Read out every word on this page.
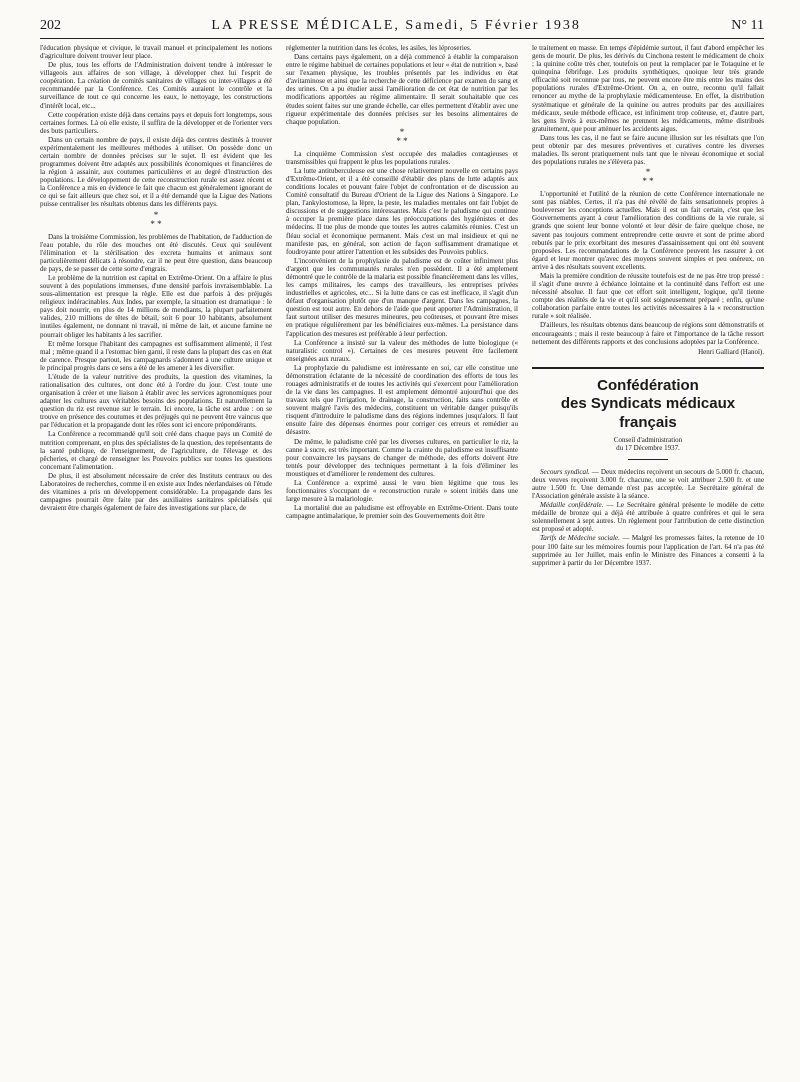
202	LA PRESSE MÉDICALE, Samedi, 5 Février 1938	N° 11

l'éducation physique et civique, le travail manuel et principalement les notions d'agriculture doivent trouver leur place.

De plus, tous les efforts de l'Administration doivent tendre à intéresser le villageois aux affaires de son village, à développer chez lui l'esprit de coopération. La création de comités sanitaires de villages ou inter-villages a été recommandée par la Conférence. Ces Comités auraient le contrôle et la surveillance de tout ce qui concerne les eaux, le nettoyage, les constructions d'intérêt local, etc...

Cette coopération existe déjà dans certains pays et depuis fort longtemps, sous certaines formes. Là où elle existe, il suffira de la développer et de l'orienter vers des buts particuliers.

Dans un certain nombre de pays, il existe déjà des centres destinés à trouver expérimentalement les meilleures méthodes à utiliser. On possède donc un certain nombre de données précises sur le sujet. Il est évident que les programmes doivent être adaptés aux possibilités économiques et financières de la région à assainir, aux coutumes particulières et au degré d'instruction des populations. Le développement de cette reconstruction rurale est assez récent et la Conférence a mis en évidence le fait que chacun est généralement ignorant de ce qui se fait ailleurs que chez soi, et il a été demandé que la Ligue des Nations puisse centraliser les résultats obtenus dans les différents pays.

*
* *

Dans la troisième Commission, les problèmes de l'habitation, de l'adduction de l'eau potable, du rôle des mouches ont été discutés. Ceux qui soulèvent l'élimination et la stérilisation des excreta humains et animaux sont particulièrement délicats à résoudre, car il ne peut être question, dans beaucoup de pays, de se passer de cette sorte d'engrais.

Le problème de la nutrition est capital en Extrême-Orient. On a affaire le plus souvent à des populations immenses, d'une densité parfois invraisemblable. La sous-alimentation est presque la règle. Elle est due parfois à des préjugés religieux indéracinables. Aux Indes, par exemple, la situation est dramatique : le pays doit nourrir, en plus de 14 millions de mendiants, la plupart parfaitement valides, 210 millions de têtes de bétail, soit 6 pour 10 habitants, absolument inutiles également, ne donnant ni travail, ni même de lait, et aucune famine ne pourrait obliger les habitants à les sacrifier.

Et même lorsque l'habitant des campagnes est suffisamment alimenté, il l'est mal ; même quand il a l'estomac bien garni, il reste dans la plupart des cas en état de carence. Presque partout, les campagnards s'adonnent à une culture unique et le principal progrès dans ce sens a été de les amener à les diversifier.

L'étude de la valeur nutritive des produits, la question des vitamines, la rationalisation des cultures, ont donc été à l'ordre du jour. C'est toute une organisation à créer et une liaison à établir avec les services agronomiques pour adapter les cultures aux véritables besoins des populations. Et naturellement la question du riz est revenue sur le terrain. Ici encore, la tâche est ardue : on se trouve en présence des coutumes et des préjugés qui ne peuvent être vaincus que par l'éducation et la propagande dont les rôles sont ici encore prépondérants.

La Conférence a recommandé qu'il soit créé dans chaque pays un Comité de nutrition comprenant, en plus des spécialistes de la question, des représentants de la santé publique, de l'enseignement, de l'agriculture, de l'élevage et des pêcheries, et chargé de renseigner les Pouvoirs publics sur toutes les questions concernant l'alimentation.

De plus, il est absolument nécessaire de créer des Instituts centraux ou des Laboratoires de recherches, comme il en existe aux Indes néerlandaises où l'étude des vitamines a pris un développement considérable. La propagande dans les campagnes pourrait être faite par des auxiliaires sanitaires spécialisés qui devraient être chargés également de faire des investigations sur place, de

réglementer la nutrition dans les écoles, les asiles, les léproseries.

Dans certains pays également, on a déjà commencé à établir la comparaison entre le régime habituel de certaines populations et leur « état de nutrition », basé sur l'examen physique, les troubles présentés par les individus en état d'avitaminose et ainsi que la recherche de cette déficience par examen du sang et des urines. On a pu étudier aussi l'amélioration de cet état de nutrition par les modifications apportées au régime alimentaire. Il serait souhaitable que ces études soient faites sur une grande échelle, car elles permettent d'établir avec une rigueur expérimentale des données précises sur les besoins alimentaires de chaque population.

*
* *

La cinquième Commission s'est occupée des maladies contagieuses et transmissibles qui frappent le plus les populations rurales.

La lutte antituberculeuse est une chose relativement nouvelle en certains pays d'Extrême-Orient, et il a été conseillé d'établir des plans de lutte adaptés aux conditions locales et pouvant faire l'objet de confrontation et de discussion au Comité consultatif du Bureau d'Orient de la Ligue des Nations à Singapore. Le plan, l'ankylostomose, la lèpre, la peste, les maladies mentales ont fait l'objet de discussions et de suggestions intéressantes. Mais c'est le paludisme qui continue à occuper la première place dans les préoccupations des hygiénistes et des médecins. Il tue plus de monde que toutes les autres calamités réunies. C'est un fléau social et économique permanent. Mais c'est un mal insidieux et qui ne manifeste pas, en général, son action de façon suffisamment dramatique et foudroyante pour attirer l'attention et les subsides des Pouvoirs publics.

L'inconvénient de la prophylaxie du paludisme est de coûter infiniment plus d'argent que les communautés rurales n'en possèdent. Il a été amplement démontré que le contrôle de la malaria est possible financièrement dans les villes, les camps militaires, les camps des travailleurs, les entreprises privées industrielles et agricoles, etc... Si la lutte dans ce cas est inefficace, il s'agit d'un défaut d'organisation plutôt que d'un manque d'argent. Dans les campagnes, la question est tout autre. En dehors de l'aide que peut apporter l'Administration, il faut surtout utiliser des mesures mineures, peu coûteuses, et pouvant être mises en pratique régulièrement par les bénéficiaires eux-mêmes. La persistance dans l'application des mesures est préférable à leur perfection.

La Conférence a insisté sur la valeur des méthodes de lutte biologique (« naturalistic control »). Certaines de ces mesures peuvent être facilement enseignées aux ruraux.

La prophylaxie du paludisme est intéressante en soi, car elle constitue une démonstration éclatante de la nécessité de coordination des efforts de tous les rouages administratifs et de toutes les activités qui s'exercent pour l'amélioration de la vie dans les campagnes. Il est amplement démontré aujourd'hui que des travaux tels que l'irrigation, le drainage, la construction, faits sans contrôle et souvent malgré l'avis des médecins, constituent un véritable danger puisqu'ils risquent d'introduire le paludisme dans des régions indemnes jusqu'alors. Il faut ensuite faire des dépenses énormes pour corriger ces erreurs et remédier au désastre.

De même, le paludisme créé par les diverses cultures, en particulier le riz, la canne à sucre, est très important. Comme la crainte du paludisme est insuffisante pour convaincre les paysans de changer de méthode, des efforts doivent être tentés pour développer des techniques permettant à la fois d'éliminer les moustiques et d'améliorer le rendement des cultures.

La Conférence a exprimé aussi le vœu bien légitime que tous les fonctionnaires s'occupant de « reconstruction rurale » soient initiés dans une large mesure à la malariologie.

La mortalité due au paludisme est effroyable en Extrême-Orient. Dans toute campagne antimalarique, le premier soin des Gouvernements doit être

le traitement en masse. En temps d'épidémie surtout, il faut d'abord empêcher les gens de mourir. De plus, les dérivés du Cinchona restent le médicament de choix ; la quinine coûte très cher, toutefois on peut la remplacer par le Totaquine et le quinquina fébrifuge. Les produits synthétiques, quoique leur très grande efficacité soit reconnue par tous, ne peuvent encore être mis entre les mains des populations rurales d'Extrême-Orient. On a, en outre, reconnu qu'il fallait renoncer au mythe de la prophylaxie médicamenteuse. En effet, la distribution systématique et générale de la quinine ou autres produits par des auxiliaires médicaux, seule méthode efficace, est infiniment trop coûteuse, et, d'autre part, les gens livrés à eux-mêmes ne prennent les médicaments, même distribués gratuitement, que pour atténuer les accidents aigus.

Dans tous les cas, il ne faut se faire aucune illusion sur les résultats que l'on peut obtenir par des mesures préventives et curatives contre les diverses maladies. Ils seront pratiquement nuls tant que le niveau économique et social des populations rurales ne s'élèvera pas.

*
* *

L'opportunité et l'utilité de la réunion de cette Conférence internationale ne sont pas niables. Certes, il n'a pas été révélé de faits sensationnels propres à bouleverser les conceptions actuelles. Mais il est un fait certain, c'est que les Gouvernements ayant à cœur l'amélioration des conditions de la vie rurale, si grands que soient leur bonne volonté et leur désir de faire quelque chose, ne savent pas toujours comment entreprendre cette œuvre et sont de prime abord rebutés par le prix exorbitant des mesures d'assainissement qui ont été souvent proposées. Les recommandations de la Conférence peuvent les rassurer à cet égard et leur montrer qu'avec des moyens souvent simples et peu onéreux, on arrive à des résultats souvent excellents.

Mais la première condition de réussite toutefois est de ne pas être trop pressé : il s'agit d'une œuvre à échéance lointaine et la continuité dans l'effort est une nécessité absolue. Il faut que cet effort soit intelligent, logique, qu'il tienne compte des réalités de la vie et qu'il soit soigneusement préparé ; enfin, qu'une collaboration parfaite entre toutes les activités nécessaires à la « reconstruction rurale » soit réalisée.

D'ailleurs, les résultats obtenus dans beaucoup de régions sont démonstratifs et encourageants ; mais il reste beaucoup à faire et l'importance de la tâche ressort nettement des différents rapports et des conclusions adoptées par la Conférence.

Henri Galliard (Hanoï).
Confédération
des Syndicats médicaux français
Conseil d'administration
du 17 Décembre 1937.

Secours syndical. — Deux médecins reçoivent un secours de 5.000 fr. chacun, deux veuves reçoivent 3.000 fr. chacune, une se voit attribuer 2.500 fr. et une autre 1.500 fr. Une demande n'est pas acceptée. Le Secrétaire général de l'Association générale assiste à la séance.

Médaille confédérale. — Le Secrétaire général présente le modèle de cette médaille de bronze qui a déjà été attribuée à quatre confrères et qui le sera solennellement à sept autres. Un règlement pour l'attribution de cette distinction est proposé et adopté.

Tarifs de Médecine sociale. — Malgré les promesses faites, la retenue de 10 pour 100 faite sur les mémoires fournis pour l'application de l'art. 64 n'a pas été supprimée au 1er Juillet, mais enfin le Ministre des Finances a consenti à la supprimer à partir du 1er Décembre 1937.
